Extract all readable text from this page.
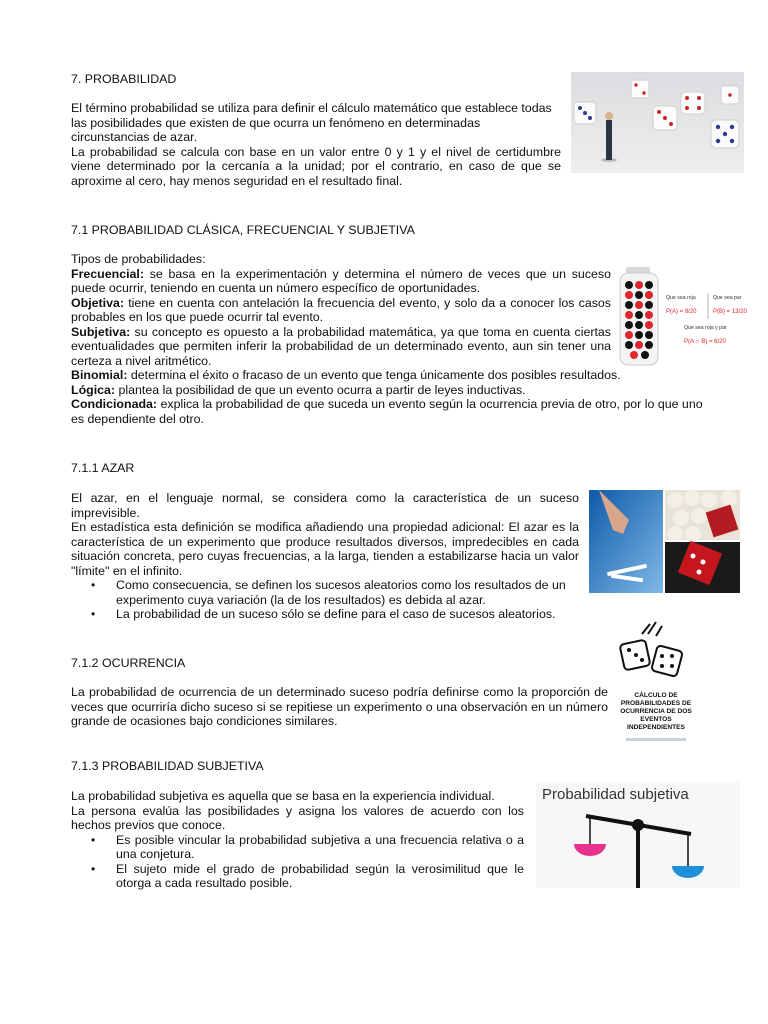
7. PROBABILIDAD

El término probabilidad se utiliza para definir el cálculo matemático que establece todas las posibilidades que existen de que ocurra un fenómeno en determinadas circunstancias de azar.

La probabilidad se calcula con base en un valor entre 0 y 1 y el nivel de certidumbre viene determinado por la cercanía a la unidad; por el contrario, en caso de que se aproxime al cero, hay menos seguridad en el resultado final.

7.1 PROBABILIDAD CLÁSICA, FRECUENCIAL Y SUBJETIVA

Tipos de probabilidades:

Frecuencial: se basa en la experimentación y determina el número de veces que un suceso puede ocurrir, teniendo en cuenta un número específico de oportunidades.

Objetiva: tiene en cuenta con antelación la frecuencia del evento, y solo da a conocer los casos probables en los que puede ocurrir tal evento.

Subjetiva: su concepto es opuesto a la probabilidad matemática, ya que toma en cuenta ciertas eventualidades que permiten inferir la probabilidad de un determinado evento, aun sin tener una certeza a nivel aritmético.

Binomial: determina el éxito o fracaso de un evento que tenga únicamente dos posibles resultados.

Lógica: plantea la posibilidad de que un evento ocurra a partir de leyes inductivas.

Condicionada: explica la probabilidad de que suceda un evento según la ocurrencia previa de otro, por lo que uno es dependiente del otro.

Que sea roja	Que sea par
P(A) = 8/20	P(B) = 13/20
Que sea roja y par
P(A ∩ B) = 6/20
7.1.1 AZAR

El azar, en el lenguaje normal, se considera como la característica de un suceso imprevisible.

En estadística esta definición se modifica añadiendo una propiedad adicional: El azar es la característica de un experimento que produce resultados diversos, impredecibles en cada situación concreta, pero cuyas frecuencias, a la larga, tienden a estabilizarse hacia un valor "límite" en el infinito.

• Como consecuencia, se definen los sucesos aleatorios como los resultados de un experimento cuya variación (la de los resultados) es debida al azar.
• La probabilidad de un suceso sólo se define para el caso de sucesos aleatorios.
7.1.2 OCURRENCIA
La probabilidad de ocurrencia de un determinado suceso podría definirse como la proporción de veces que ocurriría dicho suceso si se repitiese un experimento o una observación en un número grande de ocasiones bajo condiciones similares.
CÁLCULO DE PROBABILIDADES DE OCURRENCIA DE DOS EVENTOS INDEPENDIENTES
7.1.3 PROBABILIDAD SUBJETIVA

La probabilidad subjetiva es aquella que se basa en la experiencia individual.

La persona evalúa las posibilidades y asigna los valores de acuerdo con los hechos previos que conoce.

• Es posible vincular la probabilidad subjetiva a una frecuencia relativa o a una conjetura.
• El sujeto mide el grado de probabilidad según la verosimilitud que le otorga a cada resultado posible.
Probabilidad subjetiva
